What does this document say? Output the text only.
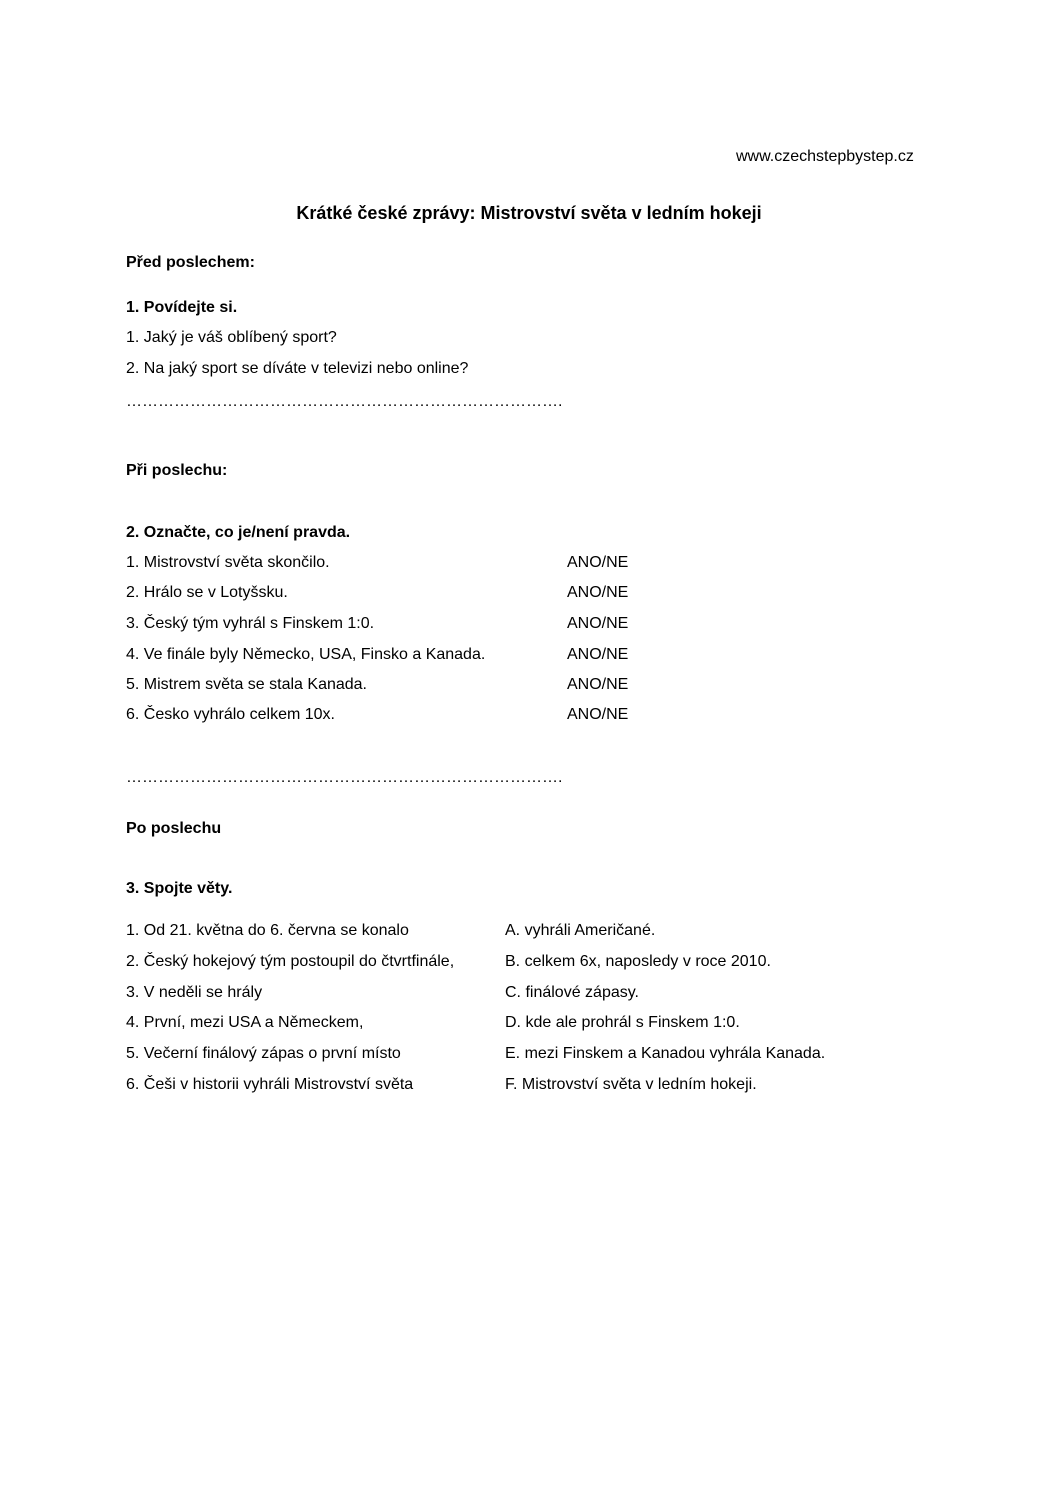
www.czechstepbystep.cz
Krátké české zprávy: Mistrovství světa v ledním hokeji
Před poslechem:
1. Povídejte si.
1. Jaký je váš oblíbený sport?
2. Na jaký sport se díváte v televizi nebo online?
……………………………………………………………………….
Při poslechu:
2. Označte, co je/není pravda.
1. Mistrovství světa skončilo.	ANO/NE
2. Hrálo se v Lotyšsku.	ANO/NE
3. Český tým vyhrál s Finskem 1:0.	ANO/NE
4. Ve finále byly Německo, USA, Finsko a Kanada.	ANO/NE
5. Mistrem světa se stala Kanada.	ANO/NE
6. Česko vyhrálo celkem 10x.	ANO/NE
……………………………………………………………………….
Po poslechu
3. Spojte věty.
1. Od 21. května do 6. června se konalo	A. vyhráli Američané.
2. Český hokejový tým postoupil do čtvrtfinále,	B. celkem 6x, naposledy v roce 2010.
3. V neděli se hrály	C. finálové zápasy.
4. První, mezi USA a Německem,	D. kde ale prohrál s Finskem 1:0.
5. Večerní finálový zápas o první místo	E. mezi Finskem a Kanadou vyhrála Kanada.
6. Češi v historii vyhráli Mistrovství světa	F. Mistrovství světa v ledním hokeji.
